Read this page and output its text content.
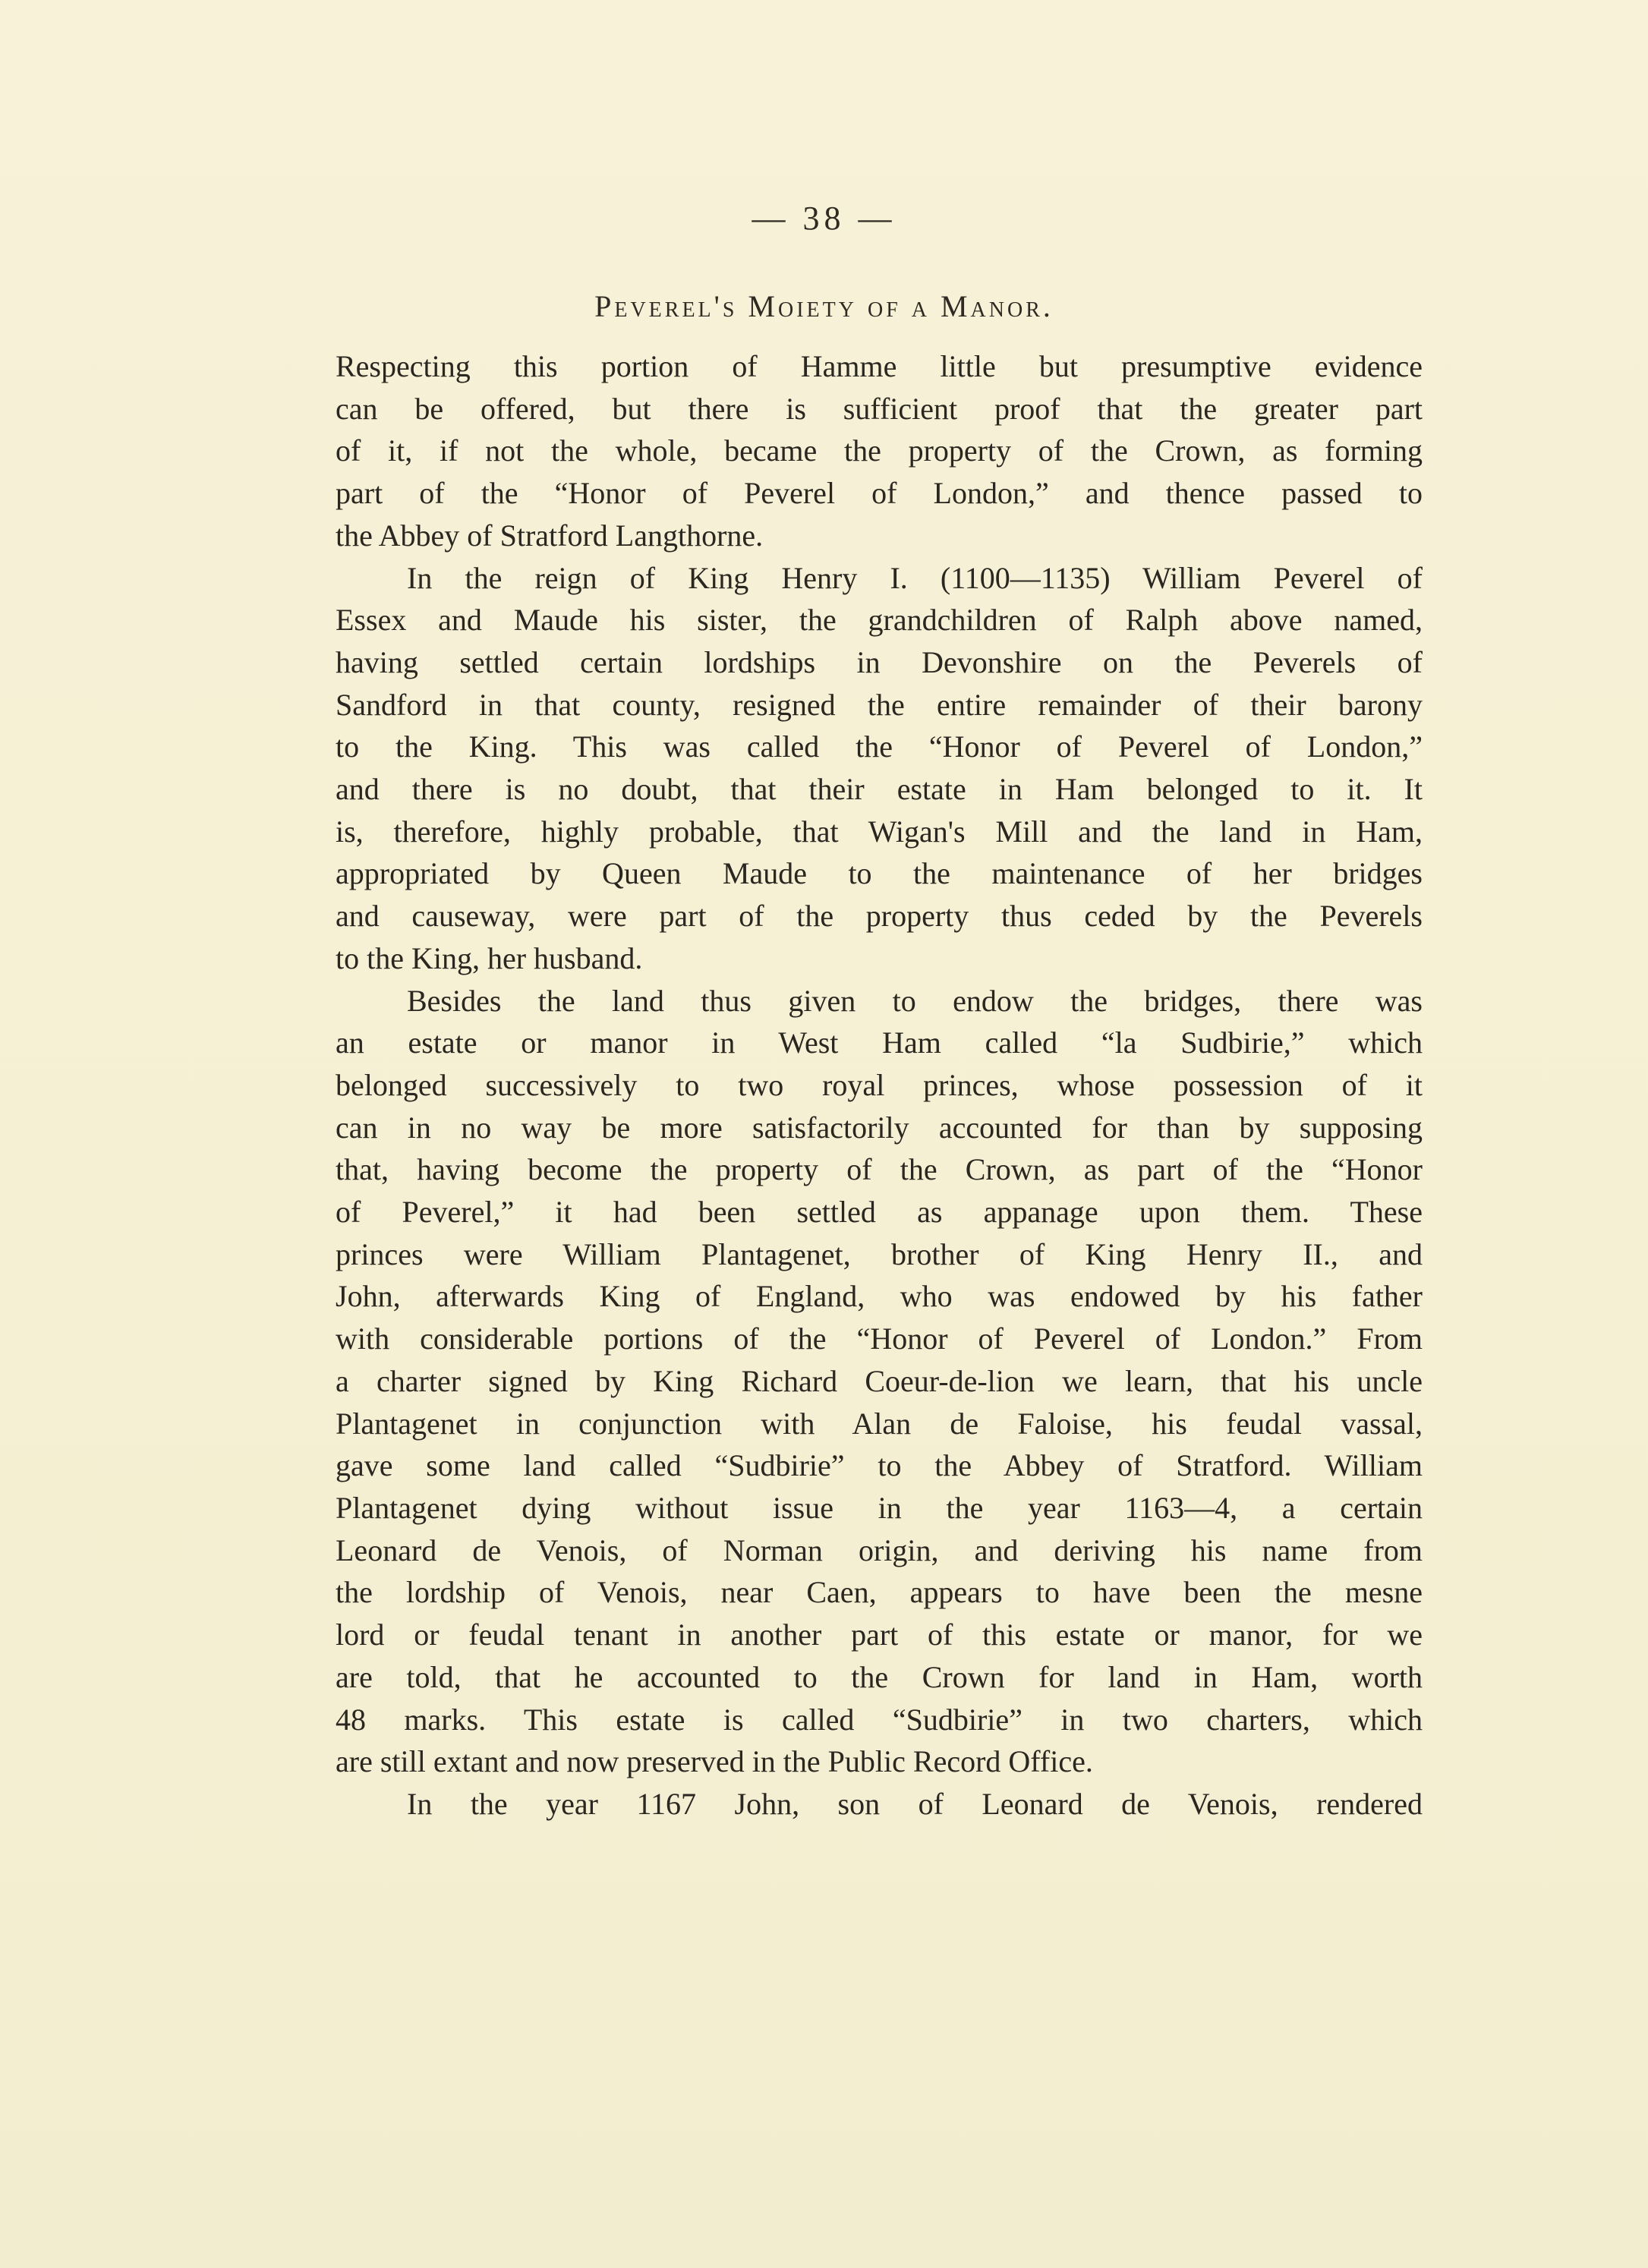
— 38 —
Peverel's Moiety of a Manor.

Respecting this portion of Hamme little but presumptive evidence
can be offered, but there is sufficient proof that the greater part
of it, if not the whole, became the property of the Crown, as forming
part of the “Honor of Peverel of London,” and thence passed to
the Abbey of Stratford Langthorne.

In the reign of King Henry I. (1100—1135) William Peverel of
Essex and Maude his sister, the grandchildren of Ralph above named,
having settled certain lordships in Devonshire on the Peverels of
Sandford in that county, resigned the entire remainder of their barony
to the King. This was called the “Honor of Peverel of London,”
and there is no doubt, that their estate in Ham belonged to it. It
is, therefore, highly probable, that Wigan's Mill and the land in Ham,
appropriated by Queen Maude to the maintenance of her bridges
and causeway, were part of the property thus ceded by the Peverels
to the King, her husband.

Besides the land thus given to endow the bridges, there was
an estate or manor in West Ham called “la Sudbirie,” which
belonged successively to two royal princes, whose possession of it
can in no way be more satisfactorily accounted for than by supposing
that, having become the property of the Crown, as part of the “Honor
of Peverel,” it had been settled as appanage upon them. These
princes were William Plantagenet, brother of King Henry II., and
John, afterwards King of England, who was endowed by his father
with considerable portions of the “Honor of Peverel of London.” From
a charter signed by King Richard Coeur-de-lion we learn, that his uncle
Plantagenet in conjunction with Alan de Faloise, his feudal vassal,
gave some land called “Sudbirie” to the Abbey of Stratford. William
Plantagenet dying without issue in the year 1163—4, a certain
Leonard de Venois, of Norman origin, and deriving his name from
the lordship of Venois, near Caen, appears to have been the mesne
lord or feudal tenant in another part of this estate or manor, for we
are told, that he accounted to the Crown for land in Ham, worth
48 marks. This estate is called “Sudbirie” in two charters, which
are still extant and now preserved in the Public Record Office.

In the year 1167 John, son of Leonard de Venois, rendered
